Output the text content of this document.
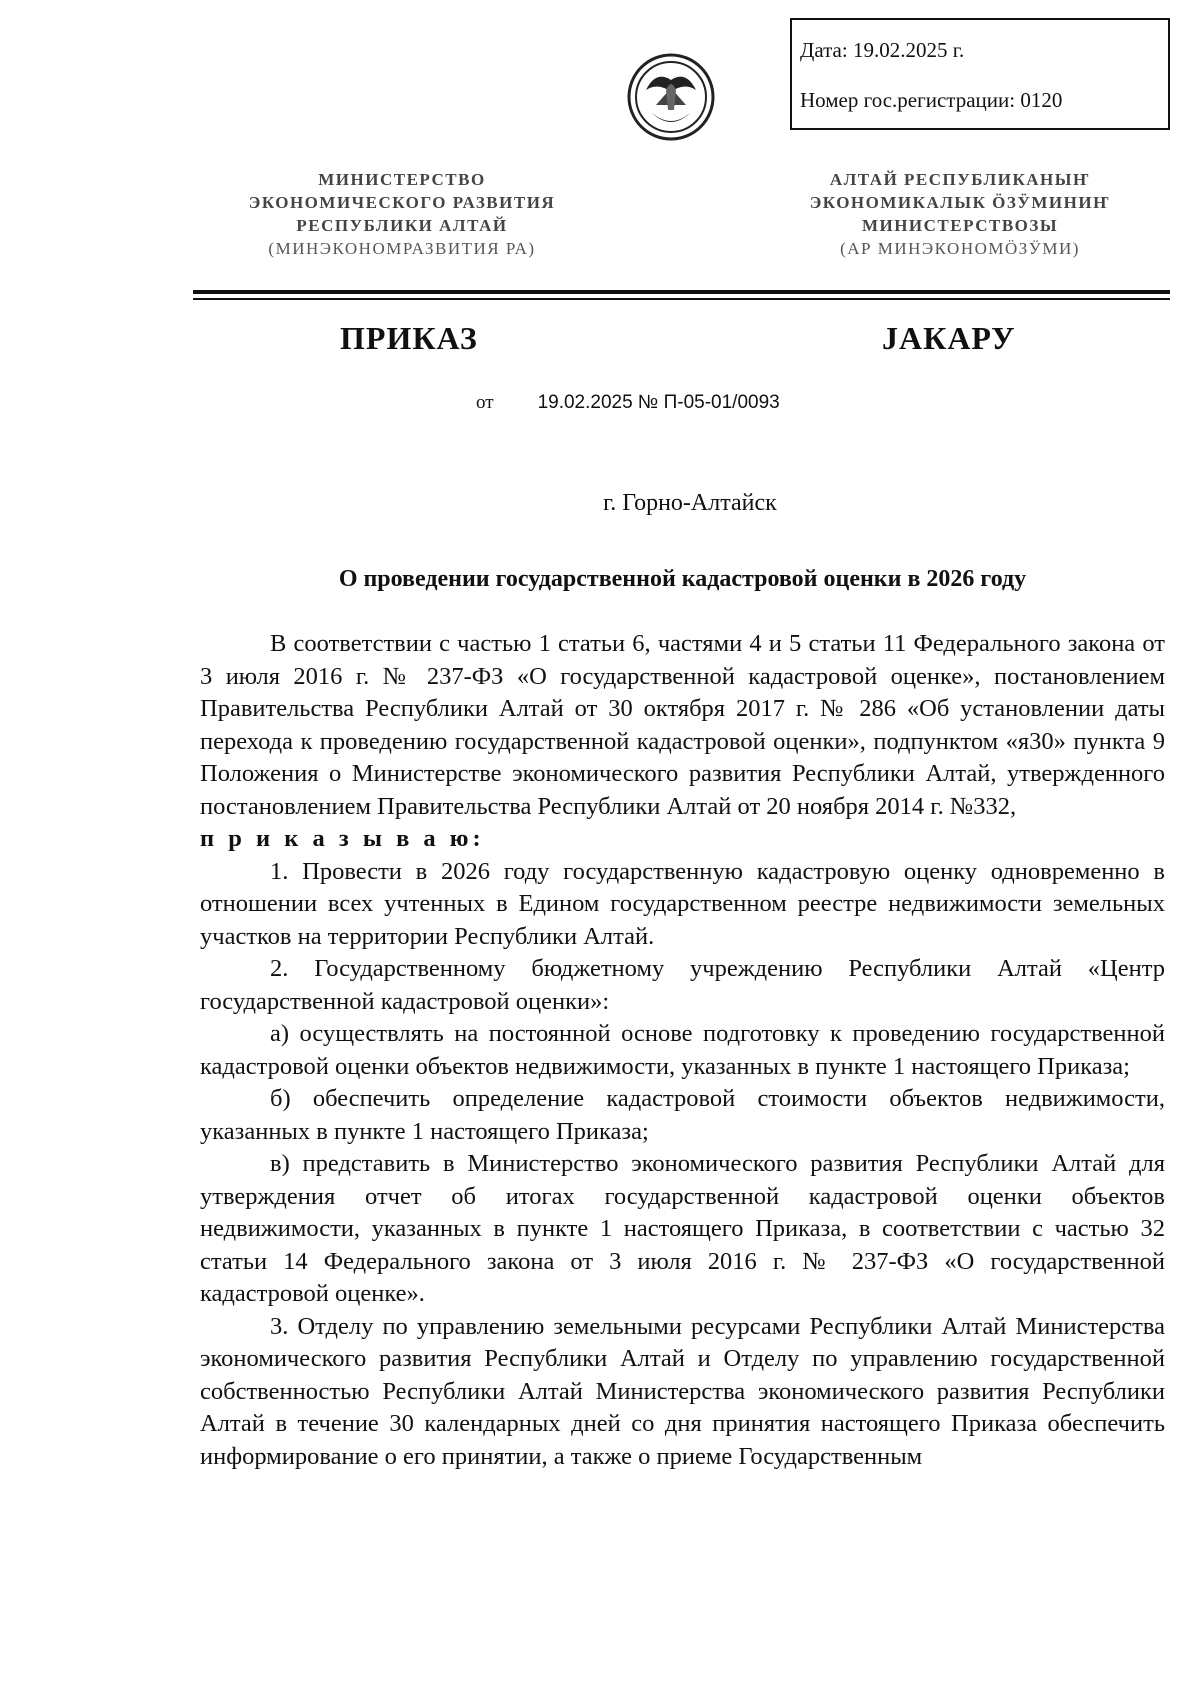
Дата: 19.02.2025 г.
Номер гос.регистрации: 0120
МИНИСТЕРСТВО
ЭКОНОМИЧЕСКОГО РАЗВИТИЯ
РЕСПУБЛИКИ АЛТАЙ
(МИНЭКОНОМРАЗВИТИЯ РА)
АЛТАЙ РЕСПУБЛИКАНЫҤ
ЭКОНОМИКАЛЫК ÖЗӰМИНИҤ
МИНИСТЕРСТВОЗЫ
(АР МИНЭКОНОМÖЗӰМИ)
ПРИКАЗ	JАКАРУ
от 19.02.2025 № П-05-01/0093
г. Горно-Алтайск
О проведении государственной кадастровой оценки в 2026 году

В соответствии с частью 1 статьи 6, частями 4 и 5 статьи 11 Федерального закона от 3 июля 2016 г. № 237-ФЗ «О государственной кадастровой оценке», постановлением Правительства Республики Алтай от 30 октября 2017 г. № 286 «Об установлении даты перехода к проведению государственной кадастровой оценки», подпунктом «я30» пункта 9 Положения о Министерстве экономического развития Республики Алтай, утвержденного постановлением Правительства Республики Алтай от 20 ноября 2014 г. №332,

п р и к а з ы в а ю:

1. Провести в 2026 году государственную кадастровую оценку одновременно в отношении всех учтенных в Едином государственном реестре недвижимости земельных участков на территории Республики Алтай.

2. Государственному бюджетному учреждению Республики Алтай «Центр государственной кадастровой оценки»:

а) осуществлять на постоянной основе подготовку к проведению государственной кадастровой оценки объектов недвижимости, указанных в пункте 1 настоящего Приказа;

б) обеспечить определение кадастровой стоимости объектов недвижимости, указанных в пункте 1 настоящего Приказа;

в) представить в Министерство экономического развития Республики Алтай для утверждения отчет об итогах государственной кадастровой оценки объектов недвижимости, указанных в пункте 1 настоящего Приказа, в соответствии с частью 32 статьи 14 Федерального закона от 3 июля 2016 г. № 237-ФЗ «О государственной кадастровой оценке».

3. Отделу по управлению земельными ресурсами Республики Алтай Министерства экономического развития Республики Алтай и Отделу по управлению государственной собственностью Республики Алтай Министерства экономического развития Республики Алтай в течение 30 календарных дней со дня принятия настоящего Приказа обеспечить информирование о его принятии, а также о приеме Государственным
